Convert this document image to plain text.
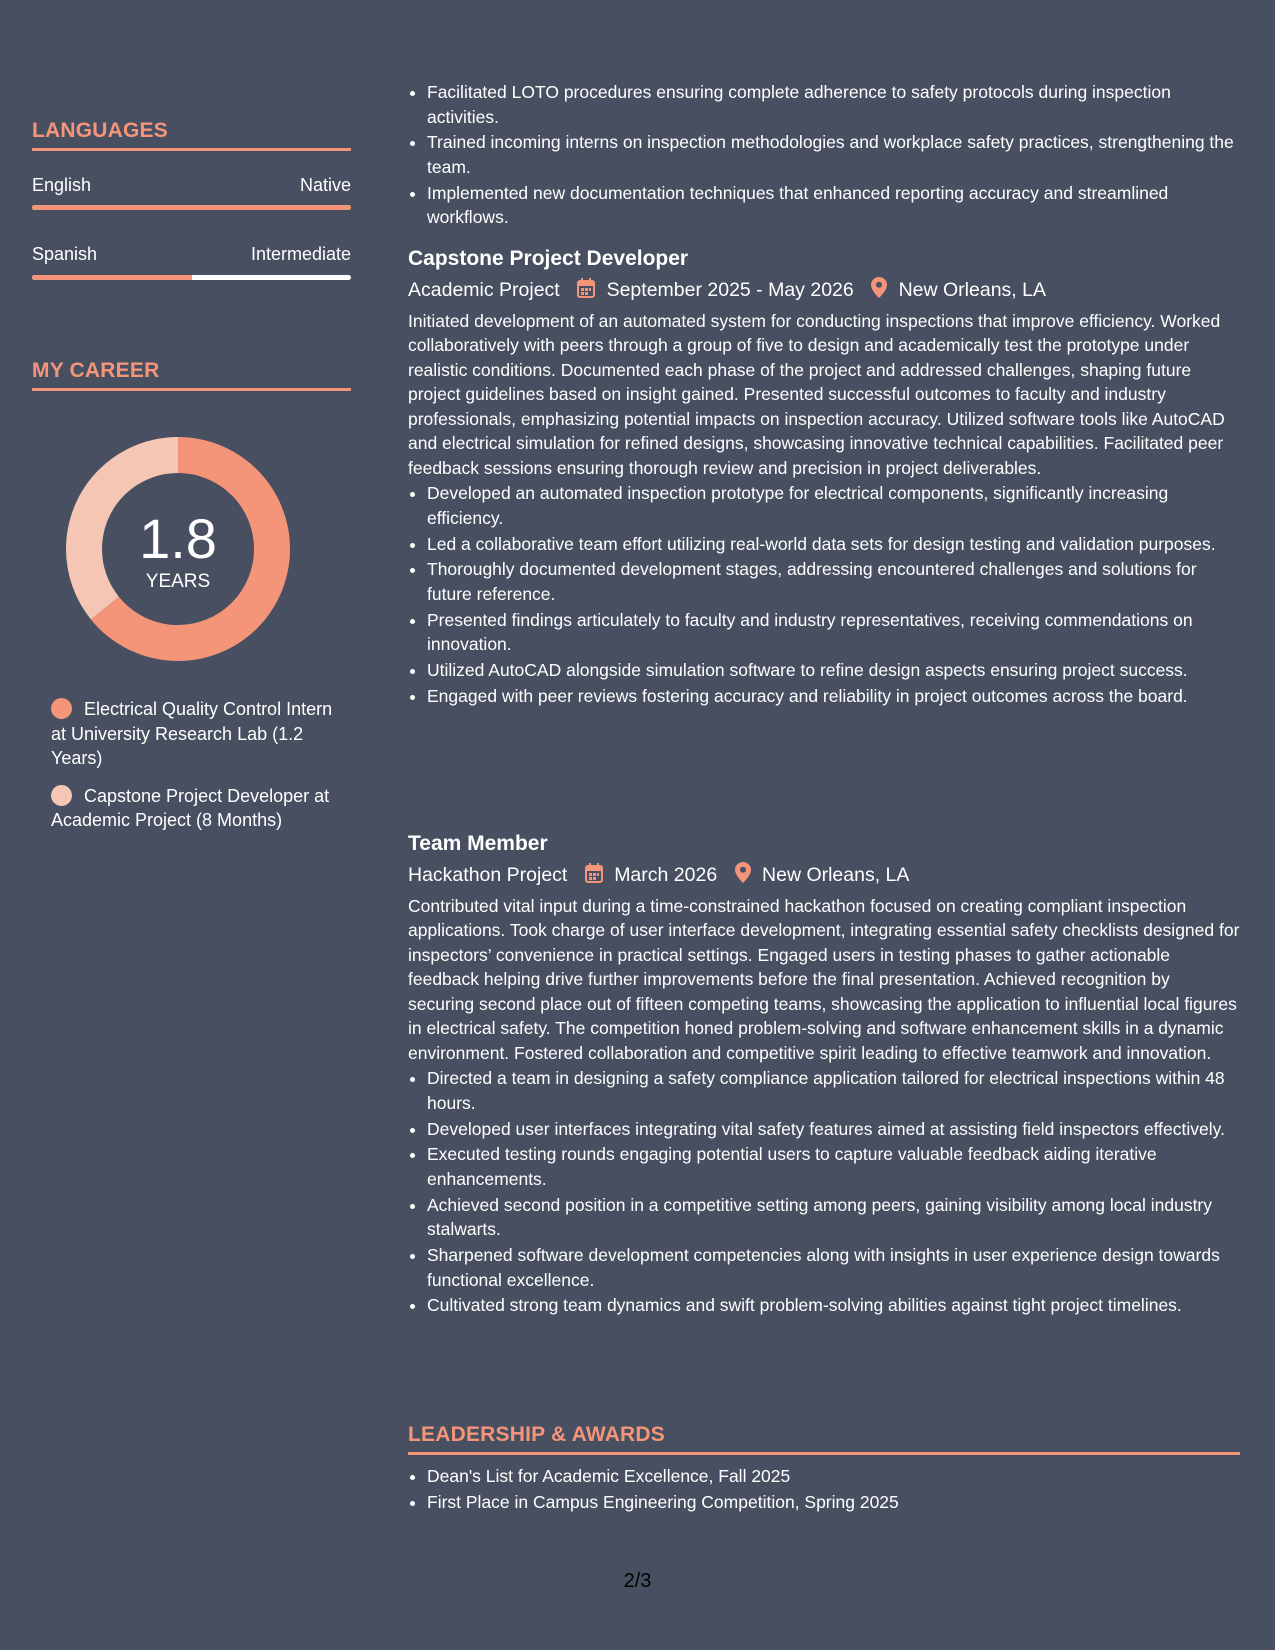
LANGUAGES
English	Native
Spanish	Intermediate
MY CAREER
1.8
YEARS
Electrical Quality Control Intern at University Research Lab (1.2 Years)
Capstone Project Developer at Academic Project (8 Months)
• Facilitated LOTO procedures ensuring complete adherence to safety protocols during inspection activities.
• Trained incoming interns on inspection methodologies and workplace safety practices, strengthening the team.
• Implemented new documentation techniques that enhanced reporting accuracy and streamlined workflows.
Capstone Project Developer
Academic Project September 2025 - May 2026 New Orleans, LA
Initiated development of an automated system for conducting inspections that improve efficiency. Worked collaboratively with peers through a group of five to design and academically test the prototype under realistic conditions. Documented each phase of the project and addressed challenges, shaping future project guidelines based on insight gained. Presented successful outcomes to faculty and industry professionals, emphasizing potential impacts on inspection accuracy. Utilized software tools like AutoCAD and electrical simulation for refined designs, showcasing innovative technical capabilities. Facilitated peer feedback sessions ensuring thorough review and precision in project deliverables.
• Developed an automated inspection prototype for electrical components, significantly increasing efficiency.
• Led a collaborative team effort utilizing real-world data sets for design testing and validation purposes.
• Thoroughly documented development stages, addressing encountered challenges and solutions for future reference.
• Presented findings articulately to faculty and industry representatives, receiving commendations on innovation.
• Utilized AutoCAD alongside simulation software to refine design aspects ensuring project success.
• Engaged with peer reviews fostering accuracy and reliability in project outcomes across the board.
Team Member
Hackathon Project March 2026 New Orleans, LA
Contributed vital input during a time-constrained hackathon focused on creating compliant inspection applications. Took charge of user interface development, integrating essential safety checklists designed for inspectors’ convenience in practical settings. Engaged users in testing phases to gather actionable feedback helping drive further improvements before the final presentation. Achieved recognition by securing second place out of fifteen competing teams, showcasing the application to influential local figures in electrical safety. The competition honed problem-solving and software enhancement skills in a dynamic environment. Fostered collaboration and competitive spirit leading to effective teamwork and innovation.
• Directed a team in designing a safety compliance application tailored for electrical inspections within 48 hours.
• Developed user interfaces integrating vital safety features aimed at assisting field inspectors effectively.
• Executed testing rounds engaging potential users to capture valuable feedback aiding iterative enhancements.
• Achieved second position in a competitive setting among peers, gaining visibility among local industry stalwarts.
• Sharpened software development competencies along with insights in user experience design towards functional excellence.
• Cultivated strong team dynamics and swift problem-solving abilities against tight project timelines.
LEADERSHIP & AWARDS
• Dean's List for Academic Excellence, Fall 2025
• First Place in Campus Engineering Competition, Spring 2025
2/3
